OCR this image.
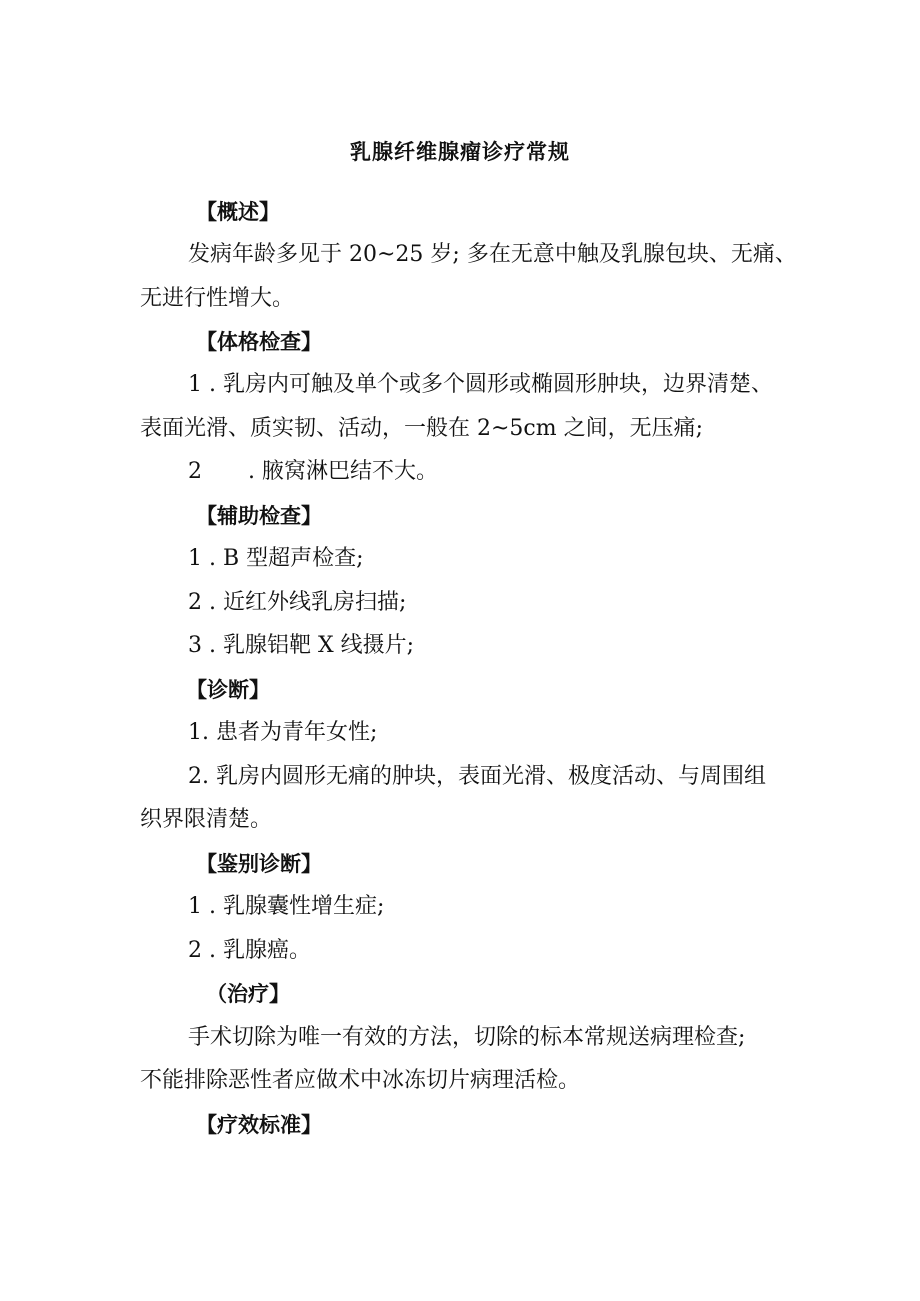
乳腺纤维腺瘤诊疗常规
【概述】
发病年龄多见于 20~25 岁; 多在无意中触及乳腺包块、无痛、
无进行性增大。
【体格检查】
1 . 乳房内可触及单个或多个圆形或椭圆形肿块，边界清楚、
表面光滑、质实韧、活动，一般在 2~5cm 之间，无压痛;
2 . 腋窝淋巴结不大。
【辅助检查】
1 . B 型超声检查;
2 . 近红外线乳房扫描;
3 . 乳腺铝靶 X 线摄片;
【诊断】
1. 患者为青年女性;
2. 乳房内圆形无痛的肿块，表面光滑、极度活动、与周围组
织界限清楚。
【鉴别诊断】
1 . 乳腺囊性增生症;
2 . 乳腺癌。
（治疗】
手术切除为唯一有效的方法，切除的标本常规送病理检查;
不能排除恶性者应做术中冰冻切片病理活检。
【疗效标准】
